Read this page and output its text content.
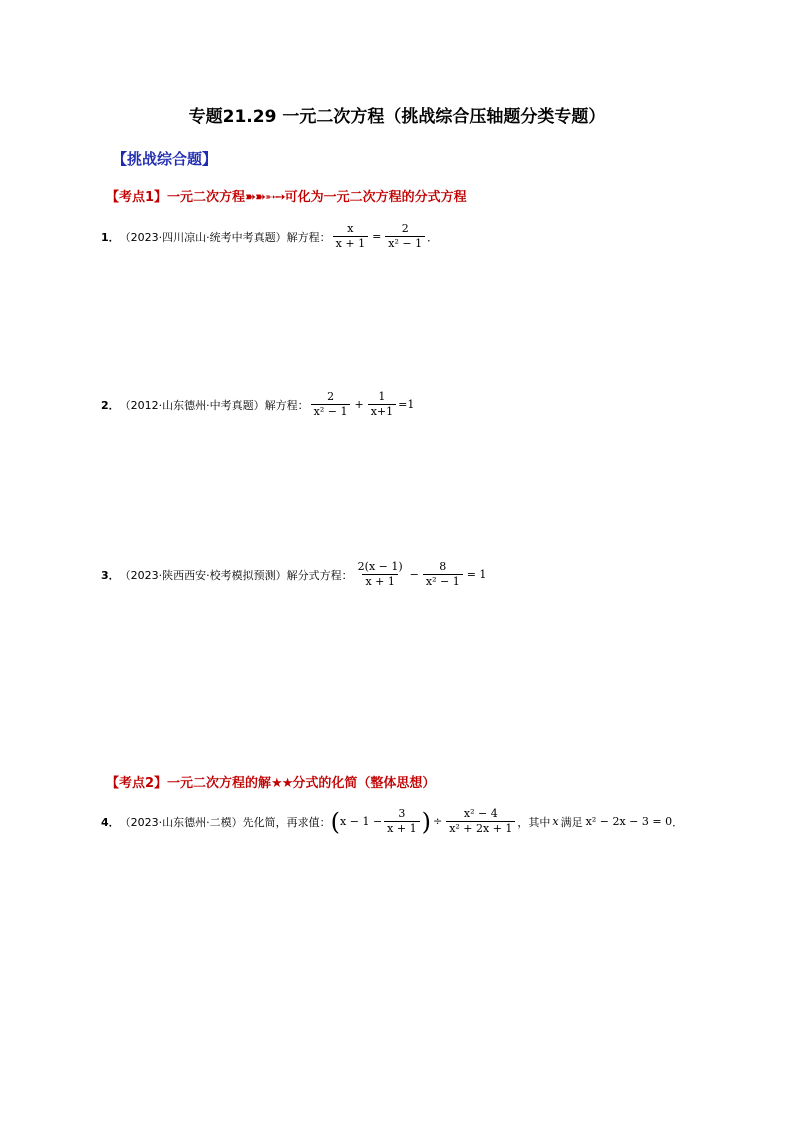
专题21.29 一元二次方程（挑战综合压轴题分类专题）
【挑战综合题】
【考点1】一元二次方程➽➽➵➙可化为一元二次方程的分式方程
1． （2023·四川凉山·统考中考真题）解方程： $\frac{x}{x + 1} = \frac{2}{\text{x² − 1}}$ ．
2． （2012·山东德州·中考真题）解方程： $\frac{2}{\text{x² − 1}} + \frac{1}{x+1} =1$
3． （2023·陕西西安·校考模拟预测）解分式方程： $\frac{2(x - 1)}{x + 1} - \frac{8}{\text{x² − 1}} = 1$
【考点2】一元二次方程的解★★分式的化简（整体思想）
4． （2023·山东德州·二模）先化简，再求值： ( $x - 1 - \frac{3}{x + 1}$ ) ÷ $\frac{\text{x² − 4}}{\text{x² + 2x + 1}}$ ，其中 x 满足 x² − 2x − 3 = 0 ．
